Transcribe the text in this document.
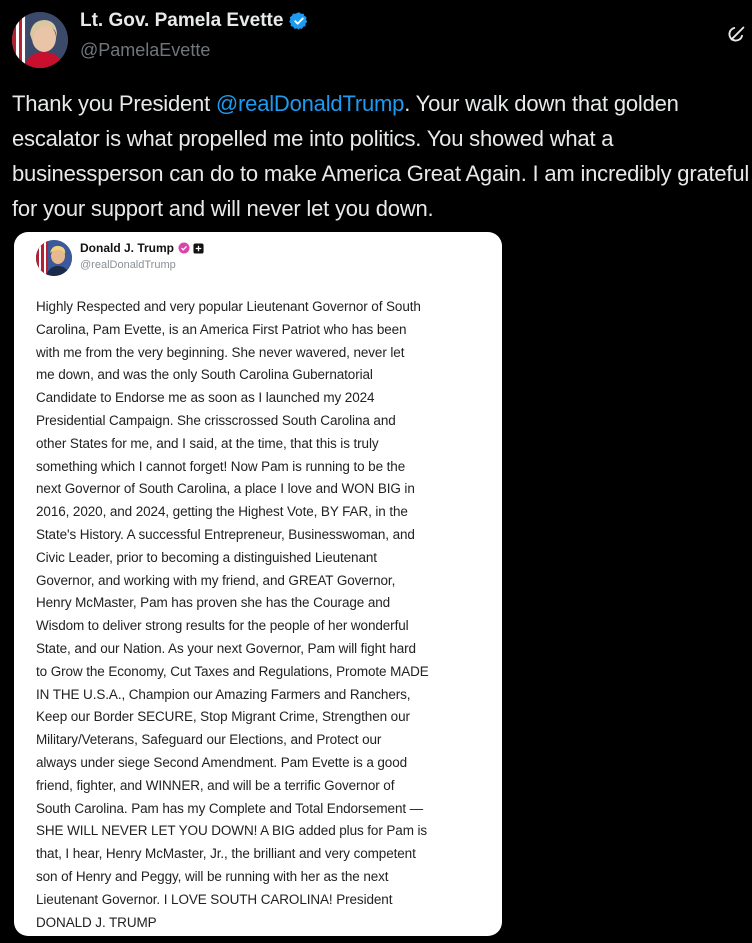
Lt. Gov. Pamela Evette
@PamelaEvette
Thank you President @realDonaldTrump. Your walk down that golden escalator is what propelled me into politics. You showed what a businessperson can do to make America Great Again. I am incredibly grateful for your support and will never let you down.
Donald J. Trump
@realDonaldTrump
Highly Respected and very popular Lieutenant Governor of South
Carolina, Pam Evette, is an America First Patriot who has been
with me from the very beginning. She never wavered, never let
me down, and was the only South Carolina Gubernatorial
Candidate to Endorse me as soon as I launched my 2024
Presidential Campaign. She crisscrossed South Carolina and
other States for me, and I said, at the time, that this is truly
something which I cannot forget! Now Pam is running to be the
next Governor of South Carolina, a place I love and WON BIG in
2016, 2020, and 2024, getting the Highest Vote, BY FAR, in the
State's History. A successful Entrepreneur, Businesswoman, and
Civic Leader, prior to becoming a distinguished Lieutenant
Governor, and working with my friend, and GREAT Governor,
Henry McMaster, Pam has proven she has the Courage and
Wisdom to deliver strong results for the people of her wonderful
State, and our Nation. As your next Governor, Pam will fight hard
to Grow the Economy, Cut Taxes and Regulations, Promote MADE
IN THE U.S.A., Champion our Amazing Farmers and Ranchers,
Keep our Border SECURE, Stop Migrant Crime, Strengthen our
Military/Veterans, Safeguard our Elections, and Protect our
always under siege Second Amendment. Pam Evette is a good
friend, fighter, and WINNER, and will be a terrific Governor of
South Carolina. Pam has my Complete and Total Endorsement —
SHE WILL NEVER LET YOU DOWN! A BIG added plus for Pam is
that, I hear, Henry McMaster, Jr., the brilliant and very competent
son of Henry and Peggy, will be running with her as the next
Lieutenant Governor. I LOVE SOUTH CAROLINA! President
DONALD J. TRUMP
